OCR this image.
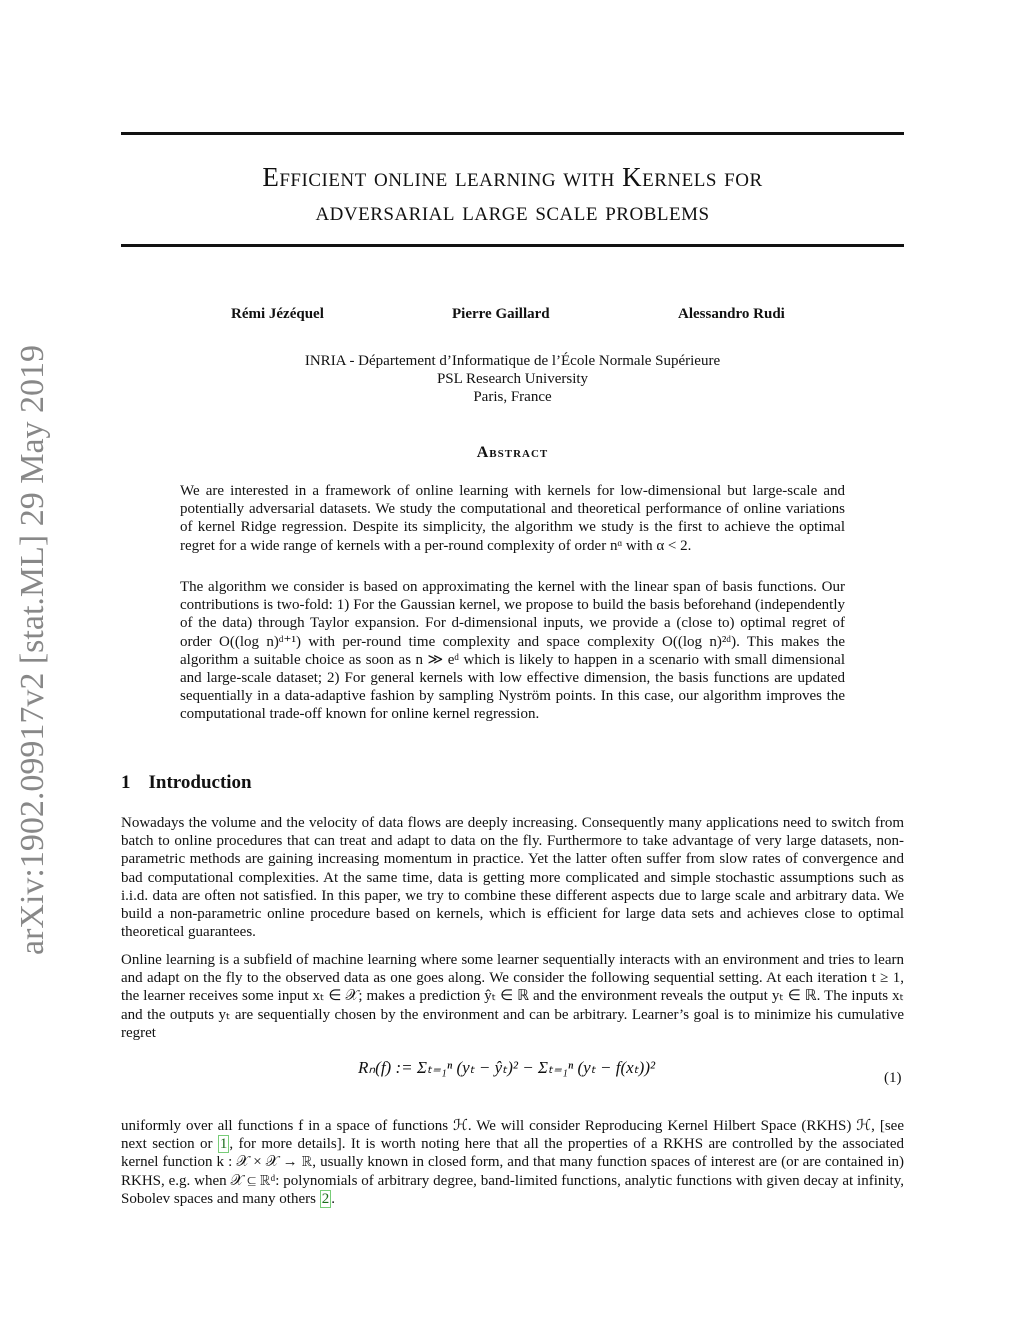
arXiv:1902.09917v2 [stat.ML] 29 May 2019
Efficient online learning with Kernels for
adversarial large scale problems
Rémi Jézéquel	Pierre Gaillard	Alessandro Rudi
INRIA - Département d’Informatique de l’École Normale Supérieure
PSL Research University
Paris, France
Abstract
We are interested in a framework of online learning with kernels for low-dimensional but large-scale and potentially adversarial datasets. We study the computational and theoretical performance of online variations of kernel Ridge regression. Despite its simplicity, the algorithm we study is the first to achieve the optimal regret for a wide range of kernels with a per-round complexity of order nᵅ with α < 2.
The algorithm we consider is based on approximating the kernel with the linear span of basis functions. Our contributions is two-fold: 1) For the Gaussian kernel, we propose to build the basis beforehand (independently of the data) through Taylor expansion. For d-dimensional inputs, we provide a (close to) optimal regret of order O((log n)ᵈ⁺¹) with per-round time complexity and space complexity O((log n)²ᵈ). This makes the algorithm a suitable choice as soon as n ≫ eᵈ which is likely to happen in a scenario with small dimensional and large-scale dataset; 2) For general kernels with low effective dimension, the basis functions are updated sequentially in a data-adaptive fashion by sampling Nyström points. In this case, our algorithm improves the computational trade-off known for online kernel regression.
1 Introduction
Nowadays the volume and the velocity of data flows are deeply increasing. Consequently many applications need to switch from batch to online procedures that can treat and adapt to data on the fly. Furthermore to take advantage of very large datasets, non-parametric methods are gaining increasing momentum in practice. Yet the latter often suffer from slow rates of convergence and bad computational complexities. At the same time, data is getting more complicated and simple stochastic assumptions such as i.i.d. data are often not satisfied. In this paper, we try to combine these different aspects due to large scale and arbitrary data. We build a non-parametric online procedure based on kernels, which is efficient for large data sets and achieves close to optimal theoretical guarantees.
Online learning is a subfield of machine learning where some learner sequentially interacts with an environment and tries to learn and adapt on the fly to the observed data as one goes along. We consider the following sequential setting. At each iteration t ≥ 1, the learner receives some input xₜ ∈ 𝒳; makes a prediction ŷₜ ∈ ℝ and the environment reveals the output yₜ ∈ ℝ. The inputs xₜ and the outputs yₜ are sequentially chosen by the environment and can be arbitrary. Learner’s goal is to minimize his cumulative regret
Rₙ(f) := Σₜ₌₁ⁿ (yₜ − ŷₜ)² − Σₜ₌₁ⁿ (yₜ − f(xₜ))²
(1)
uniformly over all functions f in a space of functions ℋ. We will consider Reproducing Kernel Hilbert Space (RKHS) ℋ, [see next section or 1 , for more details]. It is worth noting here that all the properties of a RKHS are controlled by the associated kernel function k : 𝒳 × 𝒳 → ℝ, usually known in closed form, and that many function spaces of interest are (or are contained in) RKHS, e.g. when 𝒳 ⊆ ℝᵈ: polynomials of arbitrary degree, band-limited functions, analytic functions with given decay at infinity, Sobolev spaces and many others 2 .
